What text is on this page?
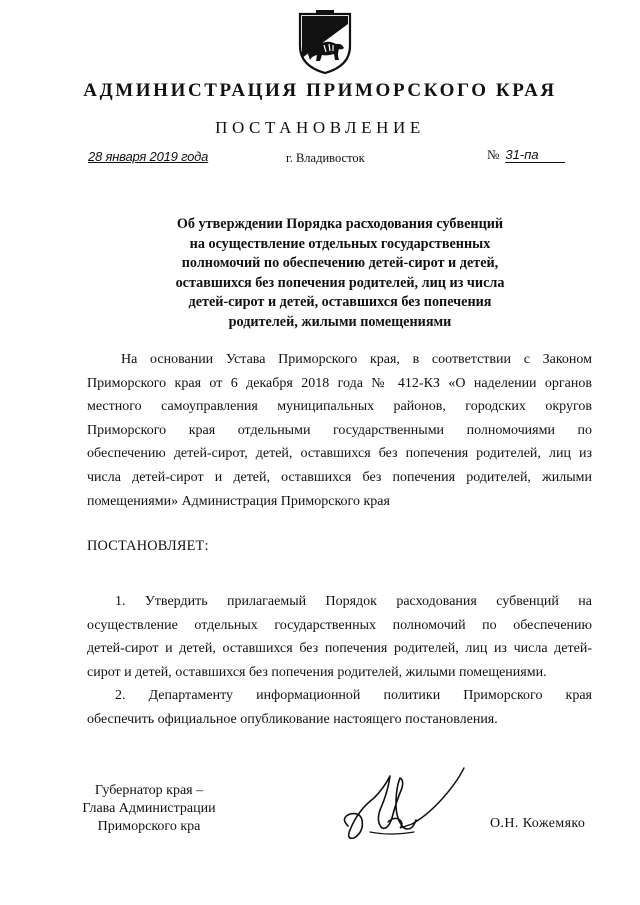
АДМИНИСТРАЦИЯ ПРИМОРСКОГО КРАЯ
ПОСТАНОВЛЕНИЕ
28 января 2019 года	г. Владивосток	№ 31-па
Об утверждении Порядка расходования субвенций
на осуществление отдельных государственных
полномочий по обеспечению детей-сирот и детей,
оставшихся без попечения родителей, лиц из числа
детей-сирот и детей, оставшихся без попечения
родителей, жилыми помещениями
На основании Устава Приморского края, в соответствии с Законом
Приморского края от 6 декабря 2018 года № 412-КЗ «О наделении органов
местного самоуправления муниципальных районов, городских округов
Приморского края отдельными государственными полномочиями по
обеспечению детей-сирот, детей, оставшихся без попечения родителей, лиц из
числа детей-сирот и детей, оставшихся без попечения родителей, жилыми
помещениями» Администрация Приморского края
ПОСТАНОВЛЯЕТ:
1. Утвердить прилагаемый Порядок расходования субвенций на
осуществление отдельных государственных полномочий по обеспечению
детей-сирот и детей, оставшихся без попечения родителей, лиц из числа детей-
сирот и детей, оставшихся без попечения родителей, жилыми помещениями.
2. Департаменту информационной политики Приморского края
обеспечить официальное опубликование настоящего постановления.
Губернатор края –
Глава Администрации
Приморского кра	О.Н. Кожемяко
